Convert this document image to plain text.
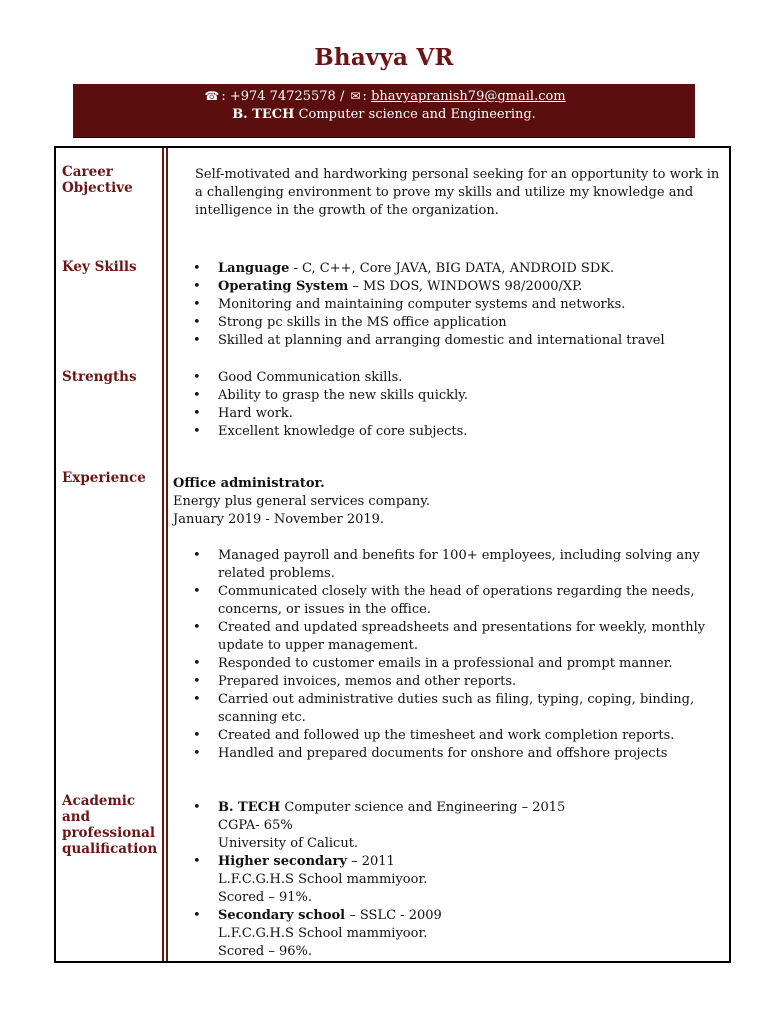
Bhavya VR
☎ : +974 74725578 / ✉ : bhavyapranish79@gmail.com
B. TECH Computer science and Engineering.
Career Objective

Self-motivated and hardworking personal seeking for an opportunity to work in a challenging environment to prove my skills and utilize my knowledge and intelligence in the growth of the organization.

Key Skills	• Language - C, C++, Core JAVA, BIG DATA, ANDROID SDK.
• Operating System – MS DOS, WINDOWS 98/2000/XP.
• Monitoring and maintaining computer systems and networks.
• Strong pc skills in the MS office application
• Skilled at planning and arranging domestic and international travel
Strengths	• Good Communication skills.
• Ability to grasp the new skills quickly.
• Hard work.
• Excellent knowledge of core subjects.
Experience	Office administrator.

Energy plus general services company.

January 2019 - November 2019.

• Managed payroll and benefits for 100+ employees, including solving any related problems.
• Communicated closely with the head of operations regarding the needs, concerns, or issues in the office.
• Created and updated spreadsheets and presentations for weekly, monthly update to upper management.
• Responded to customer emails in a professional and prompt manner.
• Prepared invoices, memos and other reports.
• Carried out administrative duties such as filing, typing, coping, binding, scanning etc.
• Created and followed up the timesheet and work completion reports.
• Handled and prepared documents for onshore and offshore projects
Academic and professional qualification
• B. TECH Computer science and Engineering – 2015
CGPA- 65%
University of Calicut.
• Higher secondary – 2011
L.F.C.G.H.S School mammiyoor.
Scored – 91%.
• Secondary school – SSLC - 2009
L.F.C.G.H.S School mammiyoor.
Scored – 96%.
